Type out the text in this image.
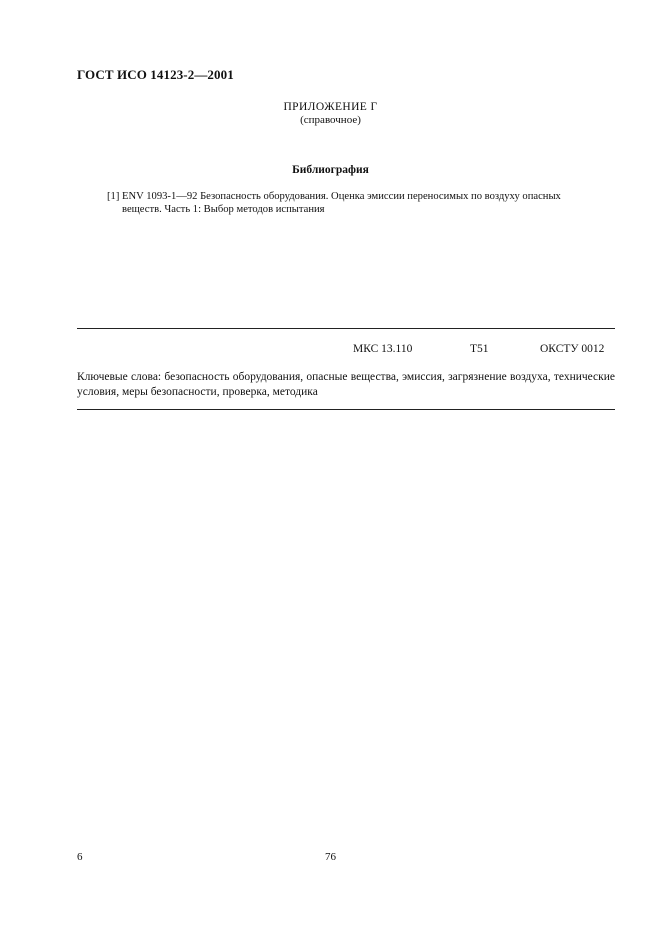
ГОСТ ИСО 14123-2—2001
ПРИЛОЖЕНИЕ Г
(справочное)
Библиография
[1] ENV 1093-1—92 Безопасность оборудования. Оценка эмиссии переносимых по воздуху опасных
веществ. Часть 1: Выбор методов испытания
МКС 13.110	Т51	ОКСТУ 0012
Ключевые слова: безопасность оборудования, опасные вещества, эмиссия, загрязнение воздуха, технические условия, меры безопасности, проверка, методика
6	76
